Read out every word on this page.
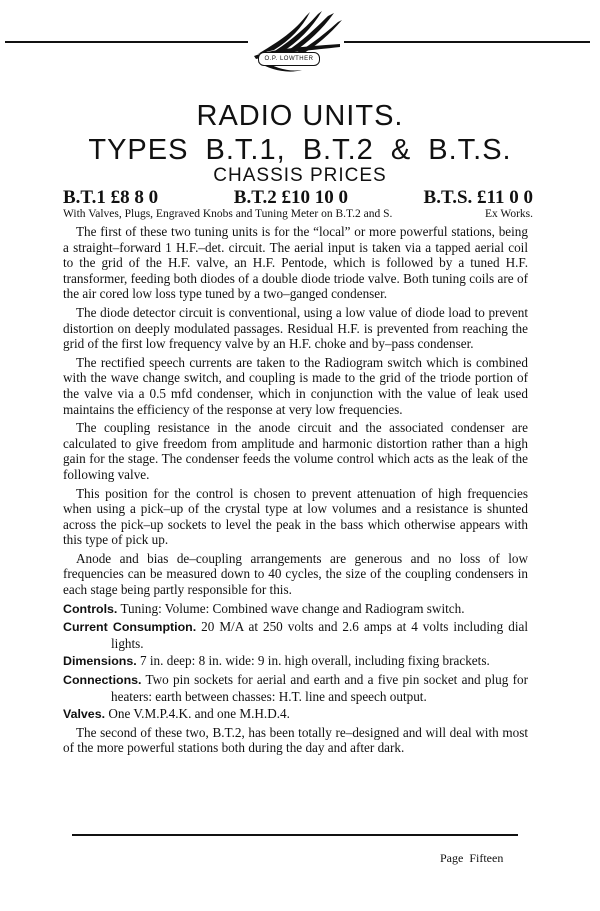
O.P. LOWTHER
RADIO UNITS.
TYPES B.T.1, B.T.2 & B.T.S.
CHASSIS PRICES
B.T.1 £8 8 0	B.T.2 £10 10 0	B.T.S. £11 0 0
With Valves, Plugs, Engraved Knobs and Tuning Meter on B.T.2 and S.	Ex Works.

The first of these two tuning units is for the “local” or more powerful stations, being a straight–forward 1 H.F.–det. circuit. The aerial input is taken via a tapped aerial coil to the grid of the H.F. valve, an H.F. Pentode, which is followed by a tuned H.F. transformer, feeding both diodes of a double diode triode valve. Both tuning coils are of the air cored low loss type tuned by a two–ganged condenser.

The diode detector circuit is conventional, using a low value of diode load to prevent distortion on deeply modulated passages. Residual H.F. is prevented from reaching the grid of the first low frequency valve by an H.F. choke and by–pass condenser.

The rectified speech currents are taken to the Radiogram switch which is combined with the wave change switch, and coupling is made to the grid of the triode portion of the valve via a 0.5 mfd condenser, which in conjunction with the value of leak used maintains the efficiency of the response at very low frequencies.

The coupling resistance in the anode circuit and the associated condenser are calculated to give freedom from amplitude and harmonic distortion rather than a high gain for the stage. The condenser feeds the volume control which acts as the leak of the following valve.

This position for the control is chosen to prevent attenuation of high frequencies when using a pick–up of the crystal type at low volumes and a resistance is shunted across the pick–up sockets to level the peak in the bass which otherwise appears with this type of pick up.

Anode and bias de–coupling arrangements are generous and no loss of low frequencies can be measured down to 40 cycles, the size of the coupling condensers in each stage being partly responsible for this.

Controls. Tuning: Volume: Combined wave change and Radiogram switch.
Current Consumption. 20 M/A at 250 volts and 2.6 amps at 4 volts including dial lights.
Dimensions. 7 in. deep: 8 in. wide: 9 in. high overall, including fixing brackets.
Connections. Two pin sockets for aerial and earth and a five pin socket and plug for heaters: earth between chasses: H.T. line and speech output.
Valves. One V.M.P.4.K. and one M.H.D.4.

The second of these two, B.T.2, has been totally re–designed and will deal with most of the more powerful stations both during the day and after dark.

Page Fifteen
